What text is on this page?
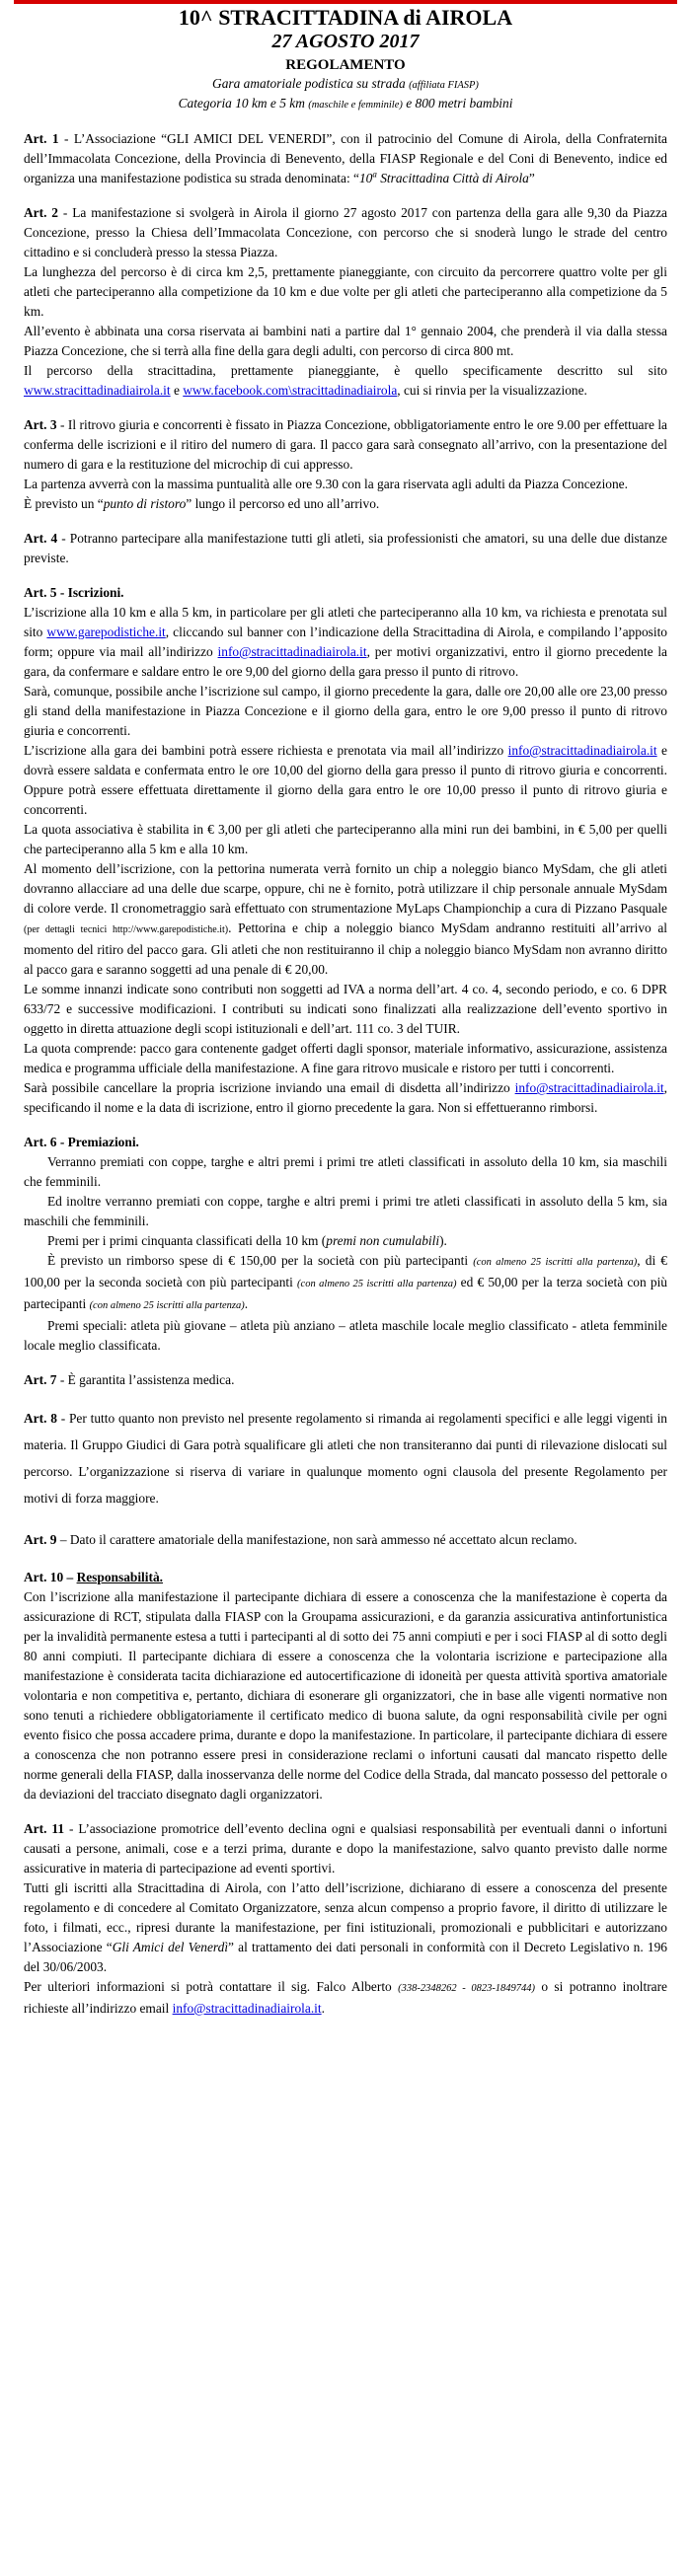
10^ STRACITTADINA di AIROLA
27 AGOSTO 2017
REGOLAMENTO
Gara amatoriale podistica su strada (affiliata FIASP)
Categoria 10 km e 5 km (maschile e femminile) e 800 metri bambini

Art. 1 - L’Associazione “GLI AMICI DEL VENERDI”, con il patrocinio del Comune di Airola, della Confraternita dell’Immacolata Concezione, della Provincia di Benevento, della FIASP Regionale e del Coni di Benevento, indice ed organizza una manifestazione podistica su strada denominata: “10$^a$ Stracittadina Città di Airola”

Art. 2 - La manifestazione si svolgerà in Airola il giorno 27 agosto 2017 con partenza della gara alle 9,30 da Piazza Concezione, presso la Chiesa dell’Immacolata Concezione, con percorso che si snoderà lungo le strade del centro cittadino e si concluderà presso la stessa Piazza.

La lunghezza del percorso è di circa km 2,5, prettamente pianeggiante, con circuito da percorrere quattro volte per gli atleti che parteciperanno alla competizione da 10 km e due volte per gli atleti che parteciperanno alla competizione da 5 km.

All’evento è abbinata una corsa riservata ai bambini nati a partire dal 1° gennaio 2004, che prenderà il via dalla stessa Piazza Concezione, che si terrà alla fine della gara degli adulti, con percorso di circa 800 mt.

Il percorso della stracittadina, prettamente pianeggiante, è quello specificamente descritto sul sito www.stracittadinadiairola.it e www.facebook.com\stracittadinadiairola, cui si rinvia per la visualizzazione.

Art. 3 - Il ritrovo giuria e concorrenti è fissato in Piazza Concezione, obbligatoriamente entro le ore 9.00 per effettuare la conferma delle iscrizioni e il ritiro del numero di gara. Il pacco gara sarà consegnato all’arrivo, con la presentazione del numero di gara e la restituzione del microchip di cui appresso.

La partenza avverrà con la massima puntualità alle ore 9.30 con la gara riservata agli adulti da Piazza Concezione.

È previsto un “punto di ristoro” lungo il percorso ed uno all’arrivo.

Art. 4 - Potranno partecipare alla manifestazione tutti gli atleti, sia professionisti che amatori, su una delle due distanze previste.

Art. 5 - Iscrizioni.

L’iscrizione alla 10 km e alla 5 km, in particolare per gli atleti che parteciperanno alla 10 km, va richiesta e prenotata sul sito www.garepodistiche.it, cliccando sul banner con l’indicazione della Stracittadina di Airola, e compilando l’apposito form; oppure via mail all’indirizzo info@stracittadinadiairola.it, per motivi organizzativi, entro il giorno precedente la gara, da confermare e saldare entro le ore 9,00 del giorno della gara presso il punto di ritrovo.

Sarà, comunque, possibile anche l’iscrizione sul campo, il giorno precedente la gara, dalle ore 20,00 alle ore 23,00 presso gli stand della manifestazione in Piazza Concezione e il giorno della gara, entro le ore 9,00 presso il punto di ritrovo giuria e concorrenti.

L’iscrizione alla gara dei bambini potrà essere richiesta e prenotata via mail all’indirizzo info@stracittadinadiairola.it e dovrà essere saldata e confermata entro le ore 10,00 del giorno della gara presso il punto di ritrovo giuria e concorrenti. Oppure potrà essere effettuata direttamente il giorno della gara entro le ore 10,00 presso il punto di ritrovo giuria e concorrenti.

La quota associativa è stabilita in € 3,00 per gli atleti che parteciperanno alla mini run dei bambini, in € 5,00 per quelli che parteciperanno alla 5 km e alla 10 km.

Al momento dell’iscrizione, con la pettorina numerata verrà fornito un chip a noleggio bianco MySdam, che gli atleti dovranno allacciare ad una delle due scarpe, oppure, chi ne è fornito, potrà utilizzare il chip personale annuale MySdam di colore verde. Il cronometraggio sarà effettuato con strumentazione MyLaps Championchip a cura di Pizzano Pasquale (per dettagli tecnici http://www.garepodistiche.it). Pettorina e chip a noleggio bianco MySdam andranno restituiti all’arrivo al momento del ritiro del pacco gara. Gli atleti che non restituiranno il chip a noleggio bianco MySdam non avranno diritto al pacco gara e saranno soggetti ad una penale di € 20,00.

Le somme innanzi indicate sono contributi non soggetti ad IVA a norma dell’art. 4 co. 4, secondo periodo, e co. 6 DPR 633/72 e successive modificazioni. I contributi su indicati sono finalizzati alla realizzazione dell’evento sportivo in oggetto in diretta attuazione degli scopi istituzionali e dell’art. 111 co. 3 del TUIR.

La quota comprende: pacco gara contenente gadget offerti dagli sponsor, materiale informativo, assicurazione, assistenza medica e programma ufficiale della manifestazione. A fine gara ritrovo musicale e ristoro per tutti i concorrenti.

Sarà possibile cancellare la propria iscrizione inviando una email di disdetta all’indirizzo info@stracittadinadiairola.it, specificando il nome e la data di iscrizione, entro il giorno precedente la gara. Non si effettueranno rimborsi.

Art. 6 - Premiazioni.

Verranno premiati con coppe, targhe e altri premi i primi tre atleti classificati in assoluto della 10 km, sia maschili che femminili.

Ed inoltre verranno premiati con coppe, targhe e altri premi i primi tre atleti classificati in assoluto della 5 km, sia maschili che femminili.

Premi per i primi cinquanta classificati della 10 km (premi non cumulabili).

È previsto un rimborso spese di € 150,00 per la società con più partecipanti (con almeno 25 iscritti alla partenza), di € 100,00 per la seconda società con più partecipanti (con almeno 25 iscritti alla partenza) ed € 50,00 per la terza società con più partecipanti (con almeno 25 iscritti alla partenza).

Premi speciali: atleta più giovane – atleta più anziano – atleta maschile locale meglio classificato - atleta femminile locale meglio classificata.

Art. 7 - È garantita l’assistenza medica.

Art. 8 - Per tutto quanto non previsto nel presente regolamento si rimanda ai regolamenti specifici e alle leggi vigenti in materia. Il Gruppo Giudici di Gara potrà squalificare gli atleti che non transiteranno dai punti di rilevazione dislocati sul percorso. L’organizzazione si riserva di variare in qualunque momento ogni clausola del presente Regolamento per motivi di forza maggiore.

Art. 9 – Dato il carattere amatoriale della manifestazione, non sarà ammesso né accettato alcun reclamo.

Art. 10 – Responsabilità.

Con l’iscrizione alla manifestazione il partecipante dichiara di essere a conoscenza che la manifestazione è coperta da assicurazione di RCT, stipulata dalla FIASP con la Groupama assicurazioni, e da garanzia assicurativa antinfortunistica per la invalidità permanente estesa a tutti i partecipanti al di sotto dei 75 anni compiuti e per i soci FIASP al di sotto degli 80 anni compiuti. Il partecipante dichiara di essere a conoscenza che la volontaria iscrizione e partecipazione alla manifestazione è considerata tacita dichiarazione ed autocertificazione di idoneità per questa attività sportiva amatoriale volontaria e non competitiva e, pertanto, dichiara di esonerare gli organizzatori, che in base alle vigenti normative non sono tenuti a richiedere obbligatoriamente il certificato medico di buona salute, da ogni responsabilità civile per ogni evento fisico che possa accadere prima, durante e dopo la manifestazione. In particolare, il partecipante dichiara di essere a conoscenza che non potranno essere presi in considerazione reclami o infortuni causati dal mancato rispetto delle norme generali della FIASP, dalla inosservanza delle norme del Codice della Strada, dal mancato possesso del pettorale o da deviazioni del tracciato disegnato dagli organizzatori.

Art. 11 - L’associazione promotrice dell’evento declina ogni e qualsiasi responsabilità per eventuali danni o infortuni causati a persone, animali, cose e a terzi prima, durante e dopo la manifestazione, salvo quanto previsto dalle norme assicurative in materia di partecipazione ad eventi sportivi.

Tutti gli iscritti alla Stracittadina di Airola, con l’atto dell’iscrizione, dichiarano di essere a conoscenza del presente regolamento e di concedere al Comitato Organizzatore, senza alcun compenso a proprio favore, il diritto di utilizzare le foto, i filmati, ecc., ripresi durante la manifestazione, per fini istituzionali, promozionali e pubblicitari e autorizzano l’Associazione “Gli Amici del Venerdì” al trattamento dei dati personali in conformità con il Decreto Legislativo n. 196 del 30/06/2003.

Per ulteriori informazioni si potrà contattare il sig. Falco Alberto (338-2348262 - 0823-1849744) o si potranno inoltrare richieste all’indirizzo email info@stracittadinadiairola.it.
